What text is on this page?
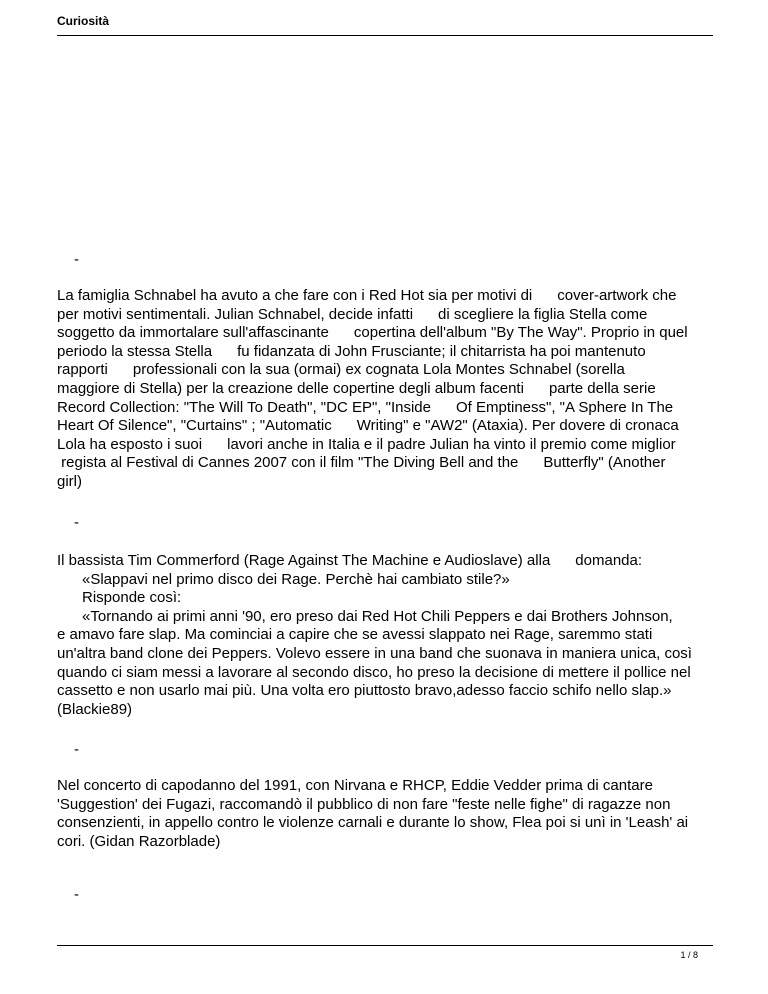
Curiosità
-
La famiglia Schnabel ha avuto a che fare con i Red Hot sia per motivi di      cover-artwork che
per motivi sentimentali. Julian Schnabel, decide infatti      di scegliere la figlia Stella come
soggetto da immortalare sull'affascinante      copertina dell'album "By The Way". Proprio in quel
periodo la stessa Stella      fu fidanzata di John Frusciante; il chitarrista ha poi mantenuto
rapporti      professionali con la sua (ormai) ex cognata Lola Montes Schnabel (sorella
maggiore di Stella) per la creazione delle copertine degli album facenti      parte della serie
Record Collection: "The Will To Death", "DC EP", "Inside      Of Emptiness", "A Sphere In The
Heart Of Silence", "Curtains" ; "Automatic      Writing" e "AW2" (Ataxia). Per dovere di cronaca
Lola ha esposto i suoi      lavori anche in Italia e il padre Julian ha vinto il premio come miglior
regista al Festival di Cannes 2007 con il film "The Diving Bell and the      Butterfly" (Another
girl)
-
Il bassista Tim Commerford (Rage Against The Machine e Audioslave) alla      domanda:
«Slappavi nel primo disco dei Rage. Perchè hai cambiato stile?»
Risponde così:
«Tornando ai primi anni '90, ero preso dai Red Hot Chili Peppers e dai Brothers Johnson,
e amavo fare slap. Ma cominciai a capire che se avessi slappato nei Rage, saremmo stati
un'altra band clone dei Peppers. Volevo essere in una band che suonava in maniera unica, così
quando ci siam messi a lavorare al secondo disco, ho preso la decisione di mettere il pollice nel
cassetto e non usarlo mai più. Una volta ero piuttosto bravo,adesso faccio schifo nello slap.»
(Blackie89)
-
Nel concerto di capodanno del 1991, con Nirvana e RHCP, Eddie Vedder prima di cantare
'Suggestion' dei Fugazi, raccomandò il pubblico di non fare "feste nelle fighe" di ragazze non
consenzienti, in appello contro le violenze carnali e durante lo show, Flea poi si unì in 'Leash' ai
cori. (Gidan Razorblade)
-
1 / 8
